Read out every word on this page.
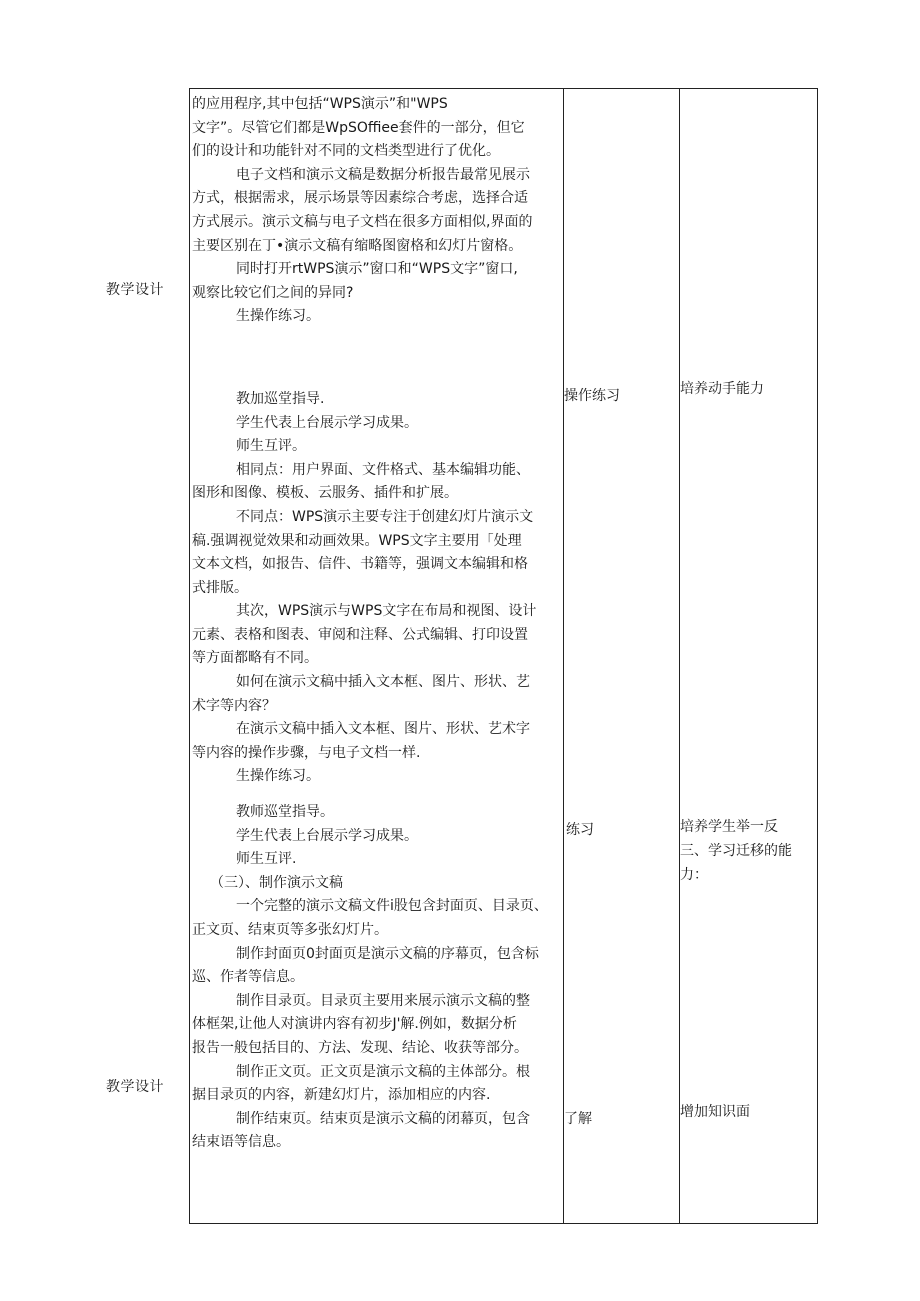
教学设计
教学设计

的应用程序,其中包括“WPS演示”和"WPS

文字”。尽管它们都是WpSOffiee套件的一部分，但它

们的设计和功能针对不同的文档类型进行了优化。

电子文档和演示文稿是数据分析报告最常见展示

方式，根据需求，展示场景等因素综合考虑，选择合适

方式展示。演示文稿与电子文档在很多方面相似,界面的

主要区别在丁•演示文稿有缩略图窗格和幻灯片窗格。

同时打开rtWPS演示”窗口和“WPS文字”窗口,

观察比较它们之间的异同?

生操作练习。

教加巡堂指导.

学生代表上台展示学习成果。

师生互评。

相同点：用户界面、文件格式、基本编辑功能、

图形和图像、模板、云服务、插件和扩展。

不同点：WPS演示主要专注于创建幻灯片演示文

稿.强调视觉效果和动画效果。WPS文字主要用「处理

文本文档，如报告、信件、书籍等，强调文本编辑和格

式排版。

其次，WPS演示与WPS文字在布局和视图、设计

元素、表格和图表、审阅和注释、公式编辑、打印设置

等方面都略有不同。

如何在演示文稿中插入文本框、图片、形状、艺

术字等内容？

在演示文稿中插入文本框、图片、形状、艺术字

等内容的操作步骤，与电子文档一样.

生操作练习。

教师巡堂指导。

学生代表上台展示学习成果。

师生互评.

（三）、制作演示文稿

一个完整的演示文稿文件i股包含封面页、目录页、

正文页、结束页等多张幻灯片。

制作封面页0封面页是演示文稿的序幕页，包含标

巡、作者等信息。

制作目录页。目录页主要用来展示演示文稿的整

体框架,让他人对演讲内容有初步J'解.例如，数据分析

报告一般包括目的、方法、发现、结论、收获等部分。

制作正文页。正文页是演示文稿的主体部分。根

据目录页的内容，新建幻灯片，添加相应的内容.

制作结束页。结束页是演示文稿的闭幕页，包含

结束语等信息。

操作练习
练习
了解
培养动手能力
培养学生举一反
三、学习迁移的能
力：
增加知识面
